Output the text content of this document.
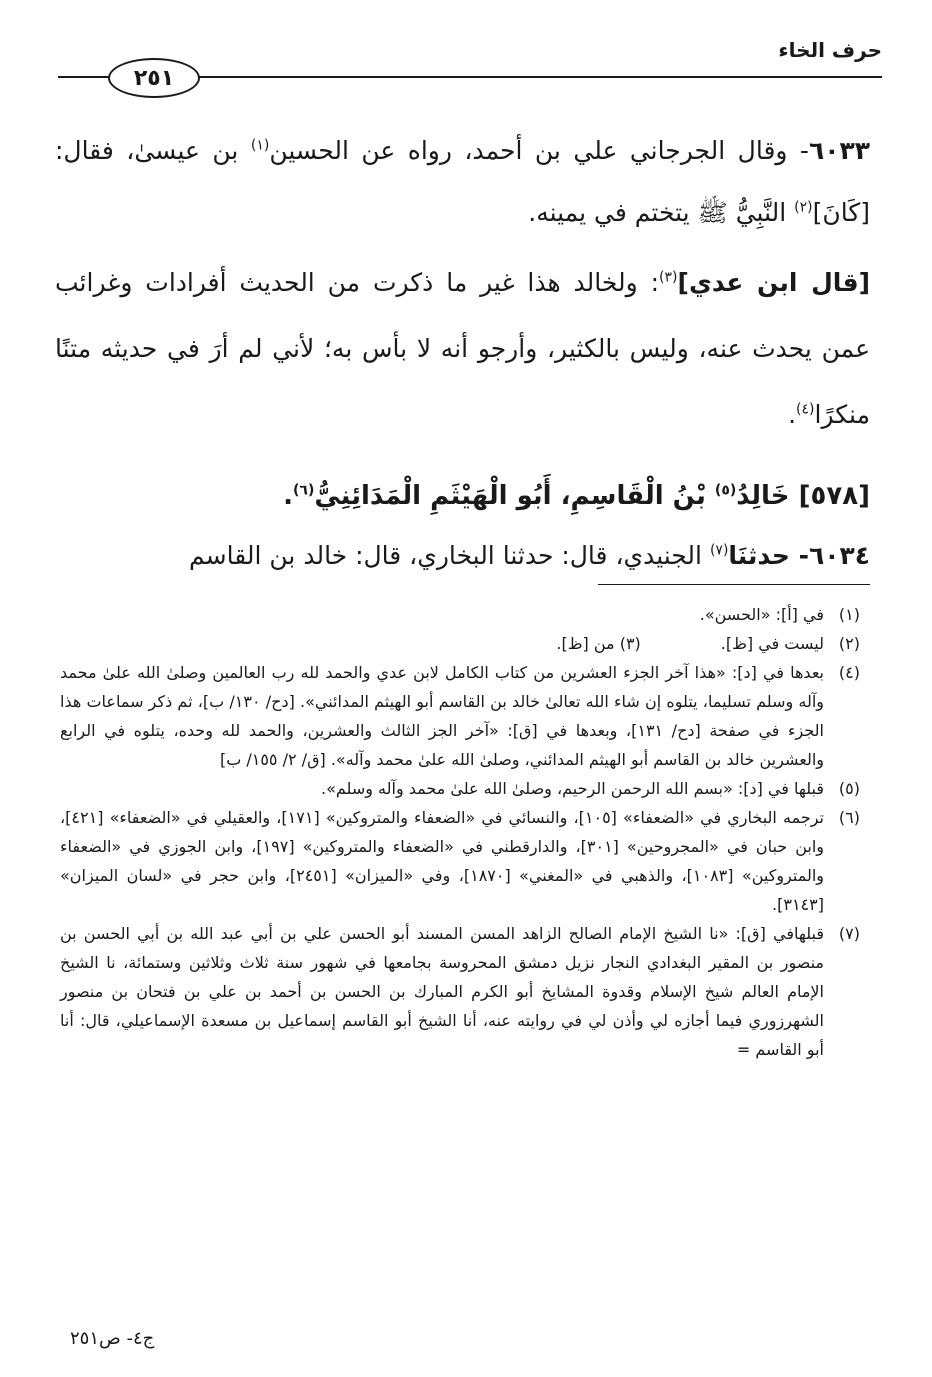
حرف الخاء
٢٥١

٦٠٣٣- وقال الجرجاني علي بن أحمد، رواه عن الحسين$^{(١)}$ بن عيسىٰ، فقال: [كَانَ]$^{(٢)}$ النَّبِيُّ ﷺ يتختم في يمينه.

[قال ابن عدي]$^{(٣)}$: ولخالد هذا غير ما ذكرت من الحديث أفرادات وغرائب عمن يحدث عنه، وليس بالكثير، وأرجو أنه لا بأس به؛ لأني لم أرَ في حديثه متنًا منكرًا$^{(٤)}$.

[٥٧٨] خَالِدُ$^{(٥)}$ بْنُ الْقَاسِمِ، أَبُو الْهَيْثَمِ الْمَدَائِنِيُّ$^{(٦)}$.

٦٠٣٤- حدثنَا$^{(٧)}$ الجنيدي، قال: حدثنا البخاري، قال: خالد بن القاسم

(١)
في [أ]: «الحسن».
(٢)
ليست في [ظ].(٣) من [ظ].
(٤)
بعدها في [د]: «هذا آخر الجزء العشرين من كتاب الكامل لابن عدي والحمد لله رب العالمين وصلىٰ الله علىٰ محمد وآله وسلم تسليما، يتلوه إن شاء الله تعالىٰ خالد بن القاسم أبو الهيثم المدائني». [دح/ ١٣٠/ ب]، ثم ذكر سماعات هذا الجزء في صفحة [دح/ ١٣١]، وبعدها في [ق]: «آخر الجز الثالث والعشرين، والحمد لله وحده، يتلوه في الرابع والعشرين خالد بن القاسم أبو الهيثم المدائني، وصلىٰ الله علىٰ محمد وآله». [ق/ ٢/ ١٥٥/ ب]
(٥)
قبلها في [د]: «بسم الله الرحمن الرحيم، وصلىٰ الله علىٰ محمد وآله وسلم».
(٦)
ترجمه البخاري في «الضعفاء» [١٠٥]، والنسائي في «الضعفاء والمتروكين» [١٧١]، والعقيلي في «الضعفاء» [٤٢١]، وابن حبان في «المجروحين» [٣٠١]، والدارقطني في «الضعفاء والمتروكين» [١٩٧]، وابن الجوزي في «الضعفاء والمتروكين» [١٠٨٣]، والذهبي في «المغني» [١٨٧٠]، وفي «الميزان» [٢٤٥١]، وابن حجر في «لسان الميزان» [٣١٤٣].
(٧)
قبلهافي [ق]: «نا الشيخ الإمام الصالح الزاهد المسن المسند أبو الحسن علي بن أبي عبد الله بن أبي الحسن بن منصور بن المقير البغدادي النجار نزيل دمشق المحروسة بجامعها في شهور سنة ثلاث وثلاثين وستمائة، نا الشيخ الإمام العالم شيخ الإسلام وقدوة المشايخ أبو الكرم المبارك بن الحسن بن أحمد بن علي بن فتحان بن منصور الشهرزوري فيما أجازه لي وأذن لي في روايته عنه، أنا الشيخ أبو القاسم إسماعيل بن مسعدة الإسماعيلي، قال: أنا أبو القاسم =
ج٤- ص٢٥١
